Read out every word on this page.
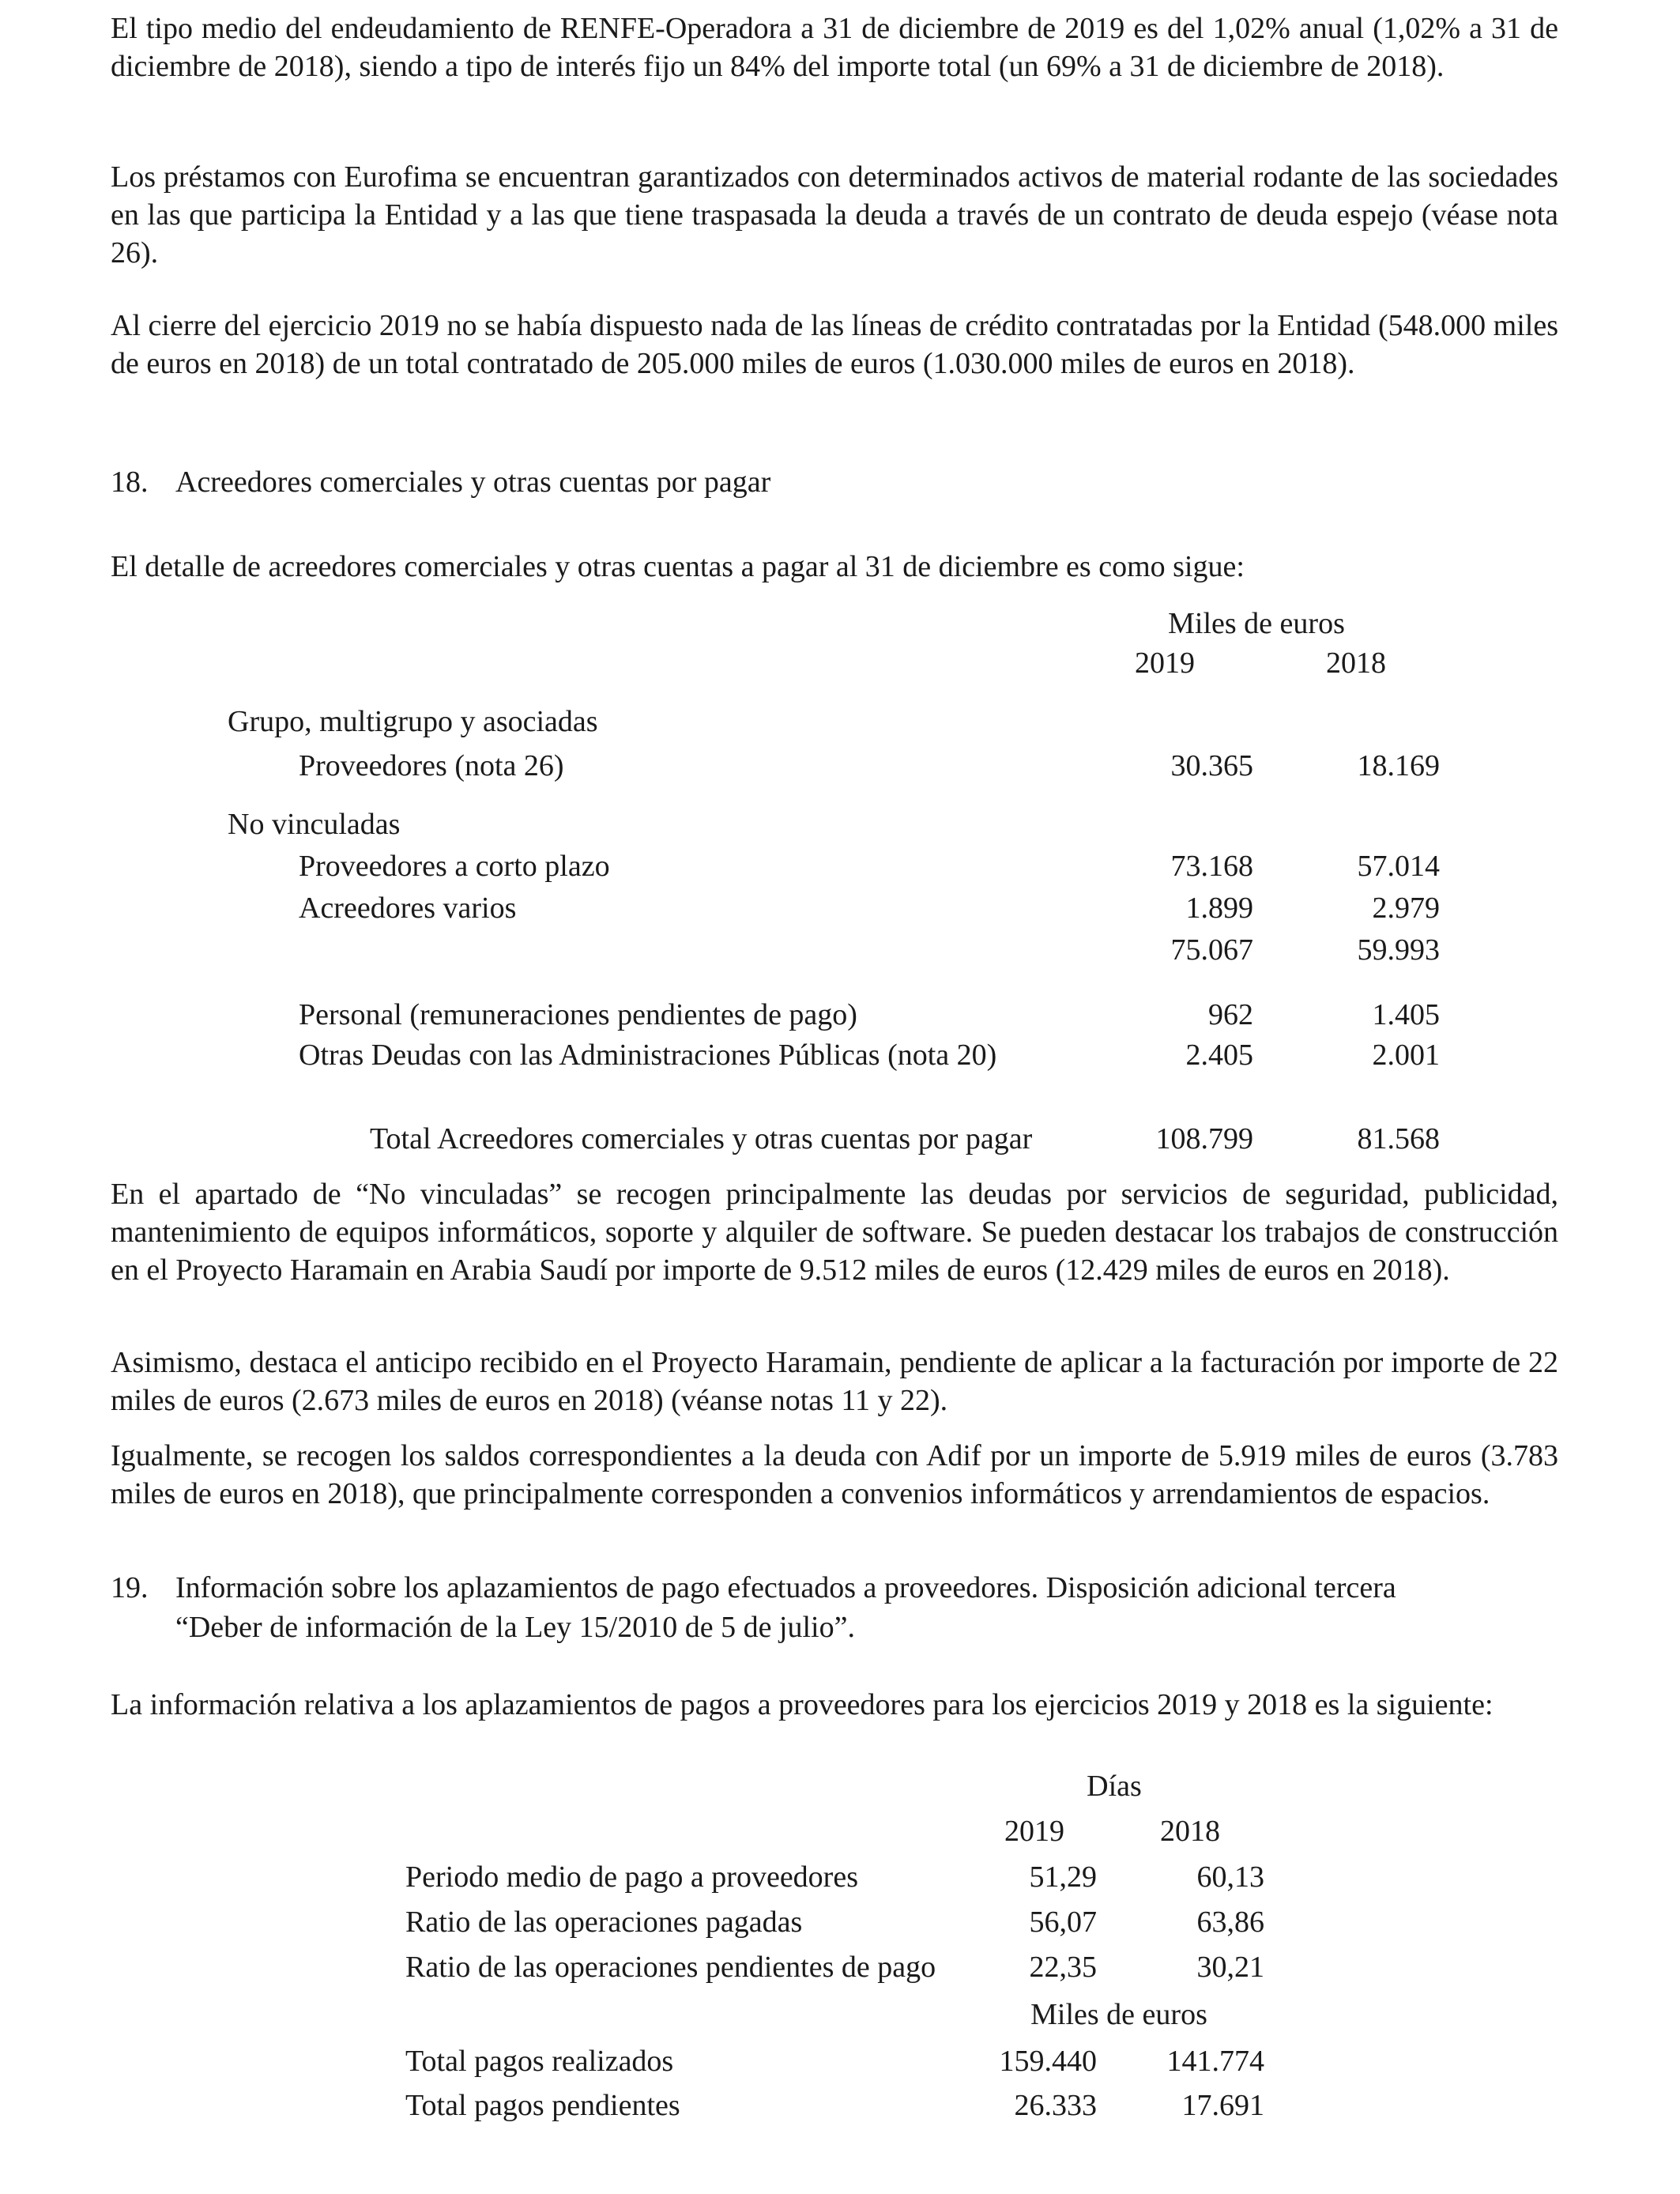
El tipo medio del endeudamiento de RENFE-Operadora a 31 de diciembre de 2019 es del 1,02% anual (1,02% a 31 de diciembre de 2018), siendo a tipo de interés fijo un 84% del importe total (un 69% a 31 de diciembre de 2018).

Los préstamos con Eurofima se encuentran garantizados con determinados activos de material rodante de las sociedades en las que participa la Entidad y a las que tiene traspasada la deuda a través de un contrato de deuda espejo (véase nota 26).

Al cierre del ejercicio 2019 no se había dispuesto nada de las líneas de crédito contratadas por la Entidad (548.000 miles de euros en 2018) de un total contratado de 205.000 miles de euros (1.030.000 miles de euros en 2018).

18. Acreedores comerciales y otras cuentas por pagar

El detalle de acreedores comerciales y otras cuentas a pagar al 31 de diciembre es como sigue:

Miles de euros
2019	2018
Grupo, multigrupo y asociadas
Proveedores (nota 26)	30.365	18.169
No vinculadas
Proveedores a corto plazo	73.168	57.014
Acreedores varios	1.899	2.979
75.067	59.993
Personal (remuneraciones pendientes de pago)	962	1.405
Otras Deudas con las Administraciones Públicas (nota 20)	2.405	2.001
Total Acreedores comerciales y otras cuentas por pagar	108.799	81.568

En el apartado de “No vinculadas” se recogen principalmente las deudas por servicios de seguridad, publicidad, mantenimiento de equipos informáticos, soporte y alquiler de software. Se pueden destacar los trabajos de construcción en el Proyecto Haramain en Arabia Saudí por importe de 9.512 miles de euros (12.429 miles de euros en 2018).

Asimismo, destaca el anticipo recibido en el Proyecto Haramain, pendiente de aplicar a la facturación por importe de 22 miles de euros (2.673 miles de euros en 2018) (véanse notas 11 y 22).

Igualmente, se recogen los saldos correspondientes a la deuda con Adif por un importe de 5.919 miles de euros (3.783 miles de euros en 2018), que principalmente corresponden a convenios informáticos y arrendamientos de espacios.

19. Información sobre los aplazamientos de pago efectuados a proveedores. Disposición adicional tercera
“Deber de información de la Ley 15/2010 de 5 de julio”.

La información relativa a los aplazamientos de pagos a proveedores para los ejercicios 2019 y 2018 es la siguiente:

Días
2019	2018
Periodo medio de pago a proveedores	51,29	60,13
Ratio de las operaciones pagadas	56,07	63,86
Ratio de las operaciones pendientes de pago	22,35	30,21
Miles de euros
Total pagos realizados	159.440	141.774
Total pagos pendientes	26.333	17.691
